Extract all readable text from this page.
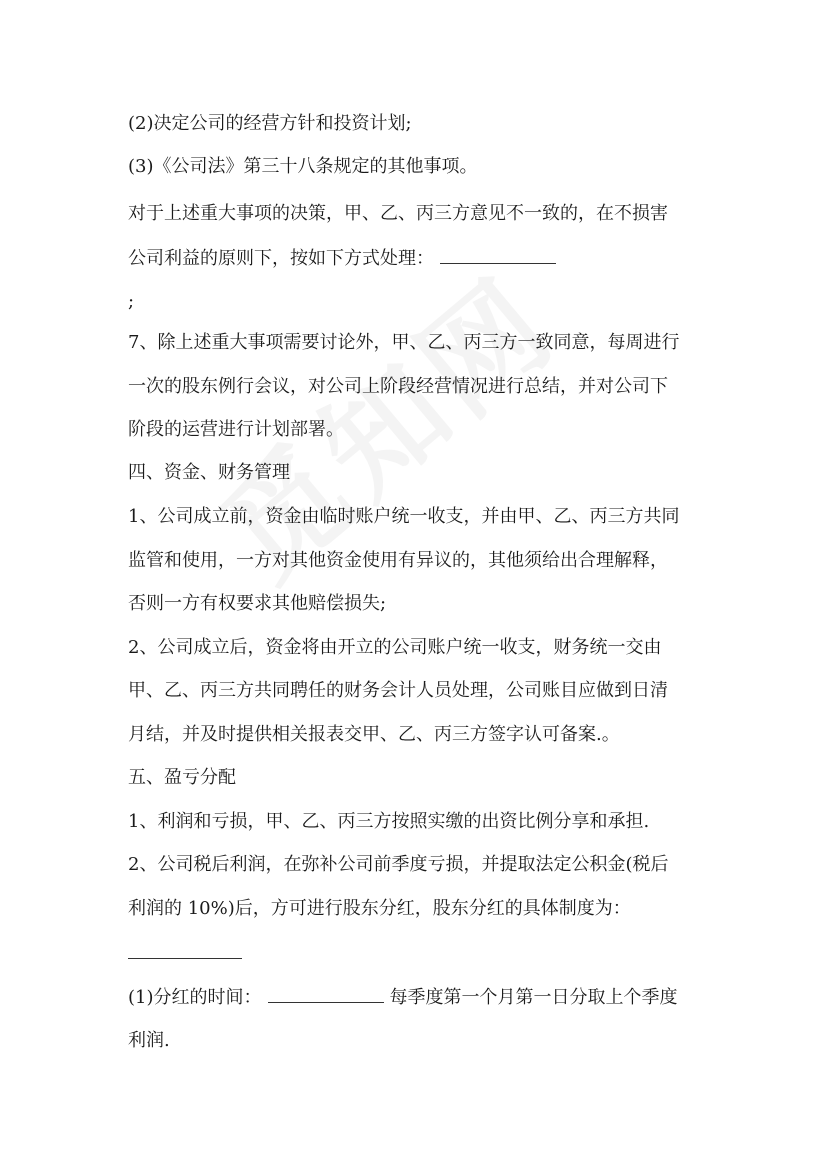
(2)决定公司的经营方针和投资计划;
(3)《公司法》第三十八条规定的其他事项。
对于上述重大事项的决策，甲、乙、丙三方意见不一致的，在不损害
公司利益的原则下，按如下方式处理：
;
7、除上述重大事项需要讨论外，甲、乙、丙三方一致同意，每周进行
一次的股东例行会议，对公司上阶段经营情况进行总结，并对公司下
阶段的运营进行计划部署。
四、资金、财务管理
1、公司成立前，资金由临时账户统一收支，并由甲、乙、丙三方共同
监管和使用，一方对其他资金使用有异议的，其他须给出合理解释，
否则一方有权要求其他赔偿损失;
2、公司成立后，资金将由开立的公司账户统一收支，财务统一交由
甲、乙、丙三方共同聘任的财务会计人员处理，公司账目应做到日清
月结，并及时提供相关报表交甲、乙、丙三方签字认可备案.。
五、盈亏分配
1、利润和亏损，甲、乙、丙三方按照实缴的出资比例分享和承担.
2、公司税后利润，在弥补公司前季度亏损，并提取法定公积金(税后
利润的 10%)后，方可进行股东分红，股东分红的具体制度为：
(1)分红的时间：	每季度第一个月第一日分取上个季度
利润.
